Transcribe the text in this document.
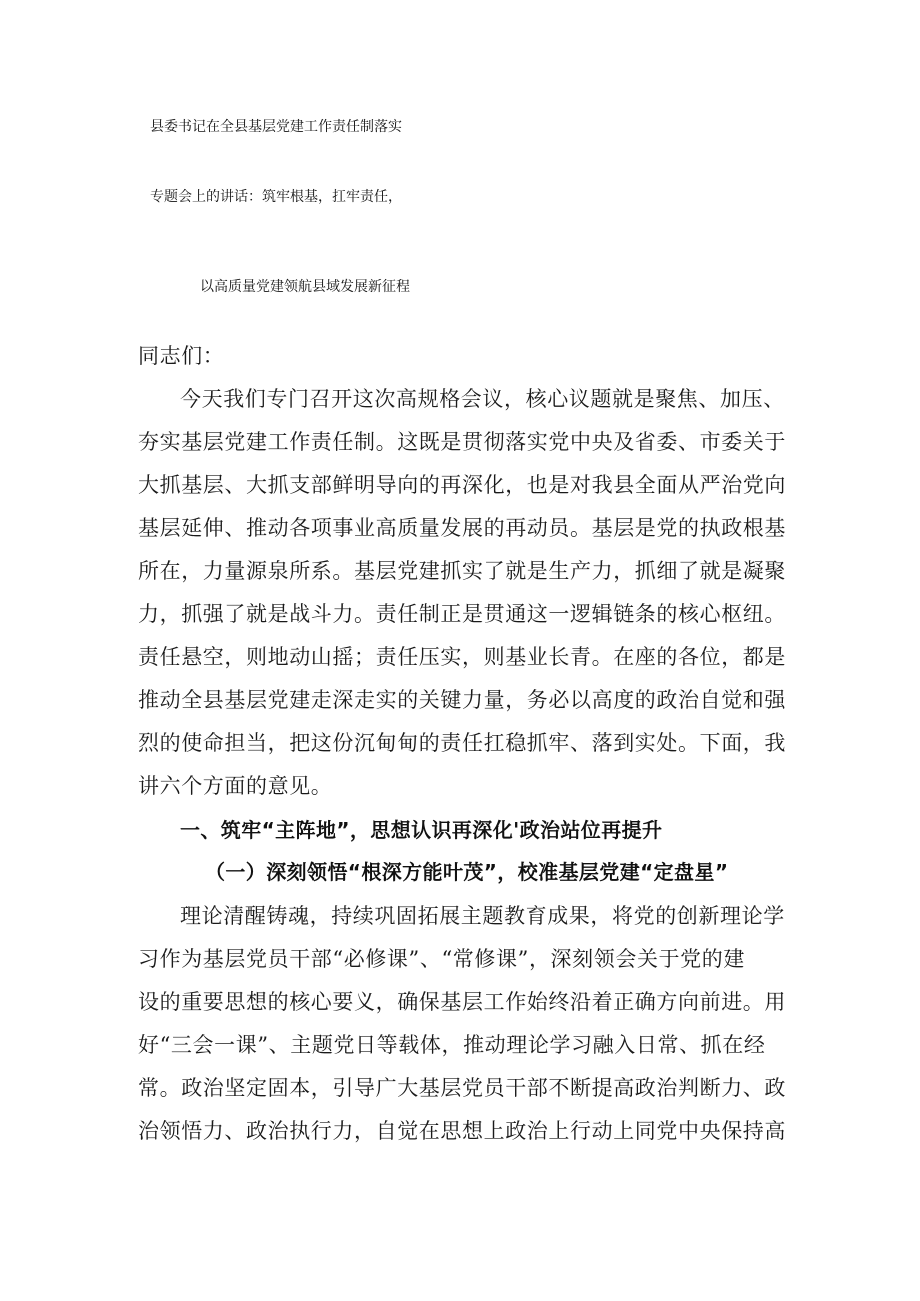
县委书记在全县基层党建工作责任制落实
专题会上的讲话：筑牢根基，扛牢责任，
以高质量党建领航县域发展新征程
同志们：
今天我们专门召开这次高规格会议，核心议题就是聚焦、加压、
夯实基层党建工作责任制。这既是贯彻落实党中央及省委、市委关于
大抓基层、大抓支部鲜明导向的再深化，也是对我县全面从严治党向
基层延伸、推动各项事业高质量发展的再动员。基层是党的执政根基
所在，力量源泉所系。基层党建抓实了就是生产力，抓细了就是凝聚
力，抓强了就是战斗力。责任制正是贯通这一逻辑链条的核心枢纽。
责任悬空，则地动山摇；责任压实，则基业长青。在座的各位，都是
推动全县基层党建走深走实的关键力量，务必以高度的政治自觉和强
烈的使命担当，把这份沉甸甸的责任扛稳抓牢、落到实处。下面，我
讲六个方面的意见。
一、筑牢“主阵地”，思想认识再深化'政治站位再提升
（一）深刻领悟“根深方能叶茂”，校准基层党建“定盘星”
理论清醒铸魂，持续巩固拓展主题教育成果，将党的创新理论学
习作为基层党员干部“必修课”、“常修课”，深刻领会关于党的建
设的重要思想的核心要义，确保基层工作始终沿着正确方向前进。用
好“三会一课”、主题党日等载体，推动理论学习融入日常、抓在经
常。政治坚定固本，引导广大基层党员干部不断提高政治判断力、政
治领悟力、政治执行力，自觉在思想上政治上行动上同党中央保持高
